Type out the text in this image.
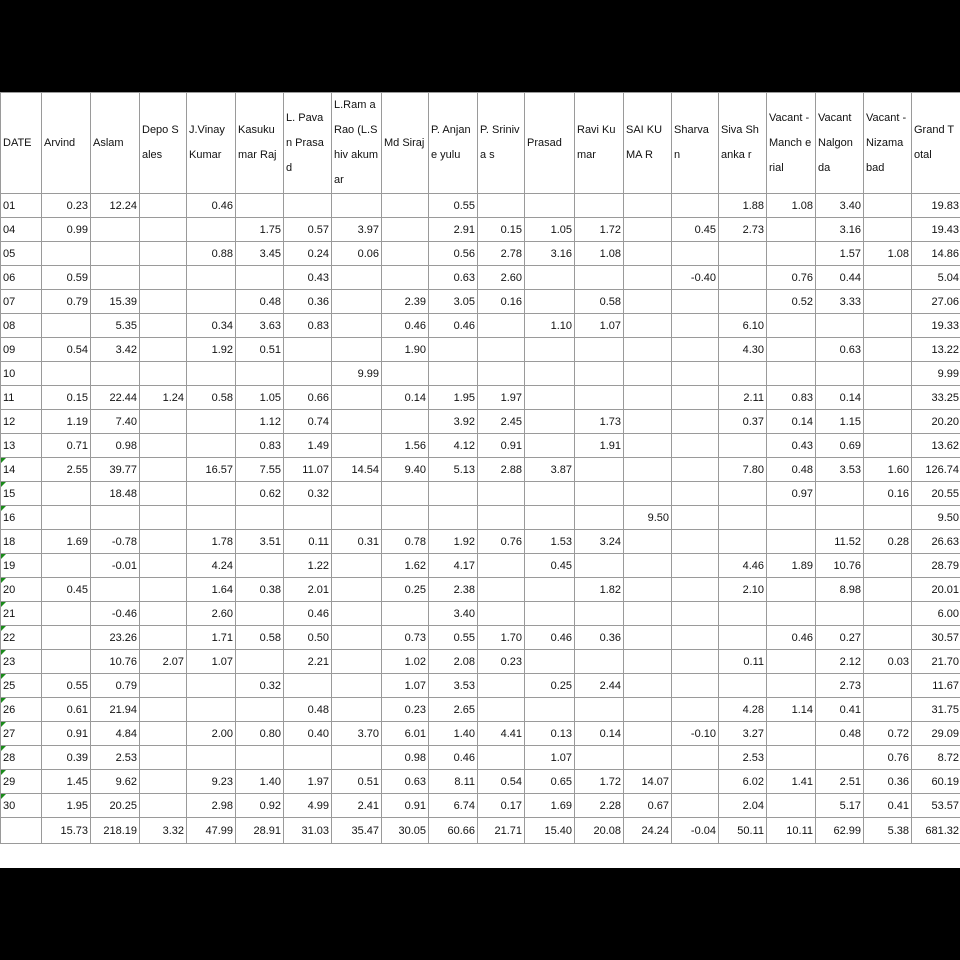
DATE	Arvind	Aslam	Depo Sales	J.Vinay Kumar	Kasuku mar Raj	L. Pavan Prasad	L.Ram aRao (L.Shiv akumar	Md Siraj	P. Anjane yulu	P. Sriniva s	Prasad	Ravi Kumar	SAI KUMA R	Sharva n	Siva Shanka r	Vacant - Manch erial	Vacant Nalgon da	Vacant - Nizama bad	Grand Total
01	0.23	12.24		0.46					0.55						1.88	1.08	3.40		19.83
04	0.99				1.75	0.57	3.97		2.91	0.15	1.05	1.72		0.45	2.73		3.16		19.43
05				0.88	3.45	0.24	0.06		0.56	2.78	3.16	1.08					1.57	1.08	14.86
06	0.59					0.43			0.63	2.60				-0.40		0.76	0.44		5.04
07	0.79	15.39			0.48	0.36		2.39	3.05	0.16		0.58				0.52	3.33		27.06
08		5.35		0.34	3.63	0.83		0.46	0.46		1.10	1.07			6.10				19.33
09	0.54	3.42		1.92	0.51			1.90							4.30		0.63		13.22
10							9.99												9.99
11	0.15	22.44	1.24	0.58	1.05	0.66		0.14	1.95	1.97					2.11	0.83	0.14		33.25
12	1.19	7.40			1.12	0.74			3.92	2.45		1.73			0.37	0.14	1.15		20.20
13	0.71	0.98			0.83	1.49		1.56	4.12	0.91		1.91				0.43	0.69		13.62
14	2.55	39.77		16.57	7.55	11.07	14.54	9.40	5.13	2.88	3.87				7.80	0.48	3.53	1.60	126.74
15		18.48			0.62	0.32										0.97		0.16	20.55
16													9.50						9.50
18	1.69	-0.78		1.78	3.51	0.11	0.31	0.78	1.92	0.76	1.53	3.24					11.52	0.28	26.63
19		-0.01		4.24		1.22		1.62	4.17		0.45				4.46	1.89	10.76		28.79
20	0.45			1.64	0.38	2.01		0.25	2.38			1.82			2.10		8.98		20.01
21		-0.46		2.60		0.46			3.40										6.00
22		23.26		1.71	0.58	0.50		0.73	0.55	1.70	0.46	0.36				0.46	0.27		30.57
23		10.76	2.07	1.07		2.21		1.02	2.08	0.23					0.11		2.12	0.03	21.70
25	0.55	0.79			0.32			1.07	3.53		0.25	2.44					2.73		11.67
26	0.61	21.94				0.48		0.23	2.65						4.28	1.14	0.41		31.75
27	0.91	4.84		2.00	0.80	0.40	3.70	6.01	1.40	4.41	0.13	0.14		-0.10	3.27		0.48	0.72	29.09
28	0.39	2.53						0.98	0.46		1.07				2.53			0.76	8.72
29	1.45	9.62		9.23	1.40	1.97	0.51	0.63	8.11	0.54	0.65	1.72	14.07		6.02	1.41	2.51	0.36	60.19
30	1.95	20.25		2.98	0.92	4.99	2.41	0.91	6.74	0.17	1.69	2.28	0.67		2.04		5.17	0.41	53.57
	15.73	218.19	3.32	47.99	28.91	31.03	35.47	30.05	60.66	21.71	15.40	20.08	24.24	-0.04	50.11	10.11	62.99	5.38	681.32
